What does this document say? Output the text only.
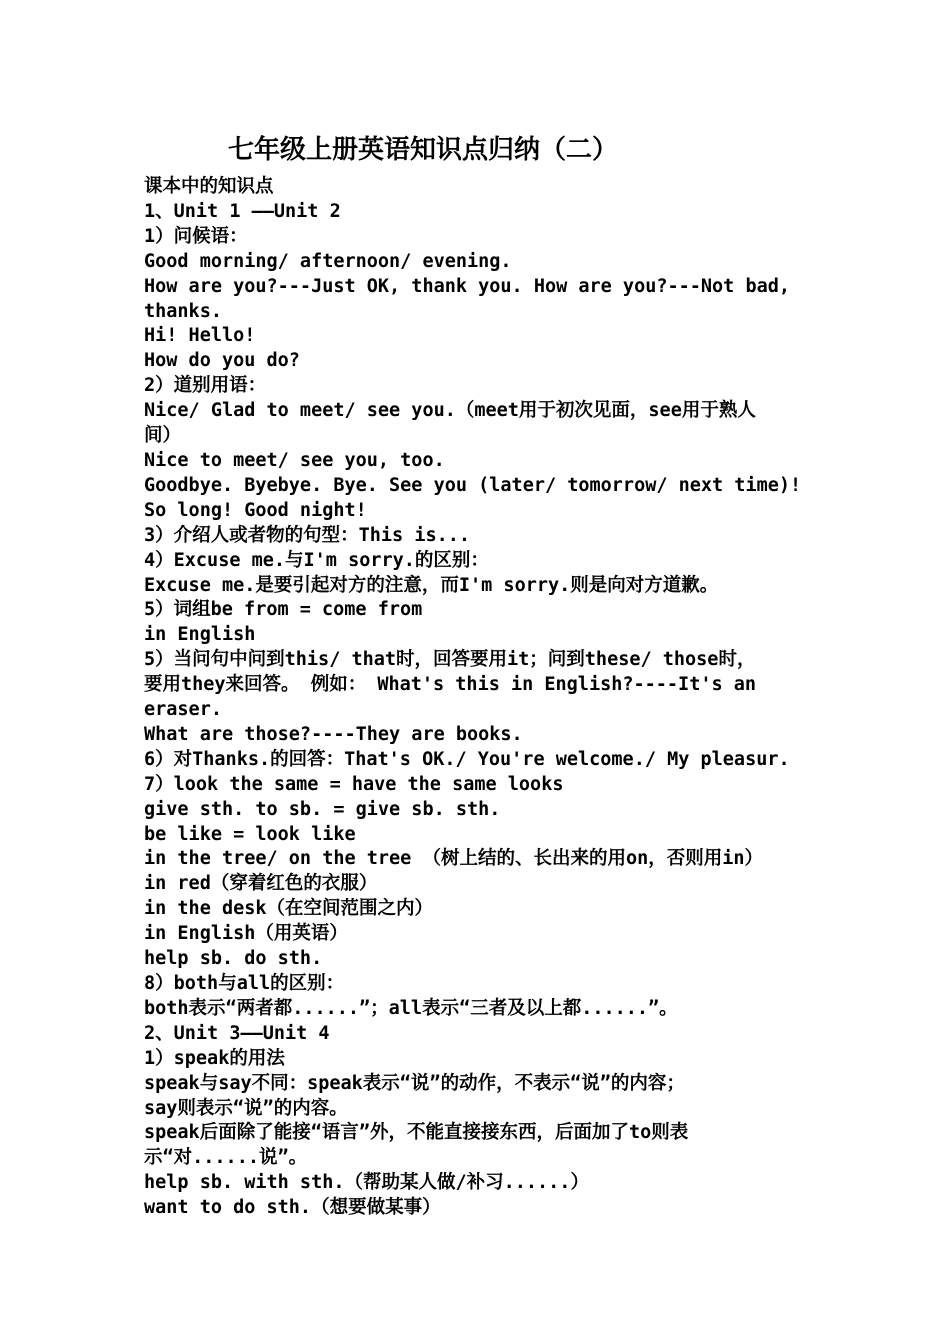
七年级上册英语知识点归纳（二）
课本中的知识点
1、Unit 1 ——Unit 2
1）问候语：
Good morning/ afternoon/ evening.
How are you?---Just OK, thank you. How are you?---Not bad,
thanks.
Hi! Hello!
How do you do?
2）道别用语：
Nice/ Glad to meet/ see you.（meet用于初次见面，see用于熟人
间）
Nice to meet/ see you, too.
Goodbye. Byebye. Bye. See you (later/ tomorrow/ next time)!
So long! Good night!
3）介绍人或者物的句型：This is...
4）Excuse me.与I'm sorry.的区别：
Excuse me.是要引起对方的注意，而I'm sorry.则是向对方道歉。
5）词组be from = come from
in English
5）当问句中问到this/ that时，回答要用it；问到these/ those时，
要用they来回答。 例如： What's this in English?----It's an
eraser.
What are those?----They are books.
6）对Thanks.的回答：That's OK./ You're welcome./ My pleasur.
7）look the same = have the same looks
give sth. to sb. = give sb. sth.
be like = look like
in the tree/ on the tree （树上结的、长出来的用on，否则用in）
in red（穿着红色的衣服）
in the desk（在空间范围之内）
in English（用英语）
help sb. do sth.
8）both与all的区别：
both表示“两者都......”；all表示“三者及以上都......”。
2、Unit 3——Unit 4
1）speak的用法
speak与say不同：speak表示“说”的动作，不表示“说”的内容；
say则表示“说”的内容。
speak后面除了能接“语言”外，不能直接接东西，后面加了to则表
示“对......说”。
help sb. with sth.（帮助某人做/补习......）
want to do sth.（想要做某事）
